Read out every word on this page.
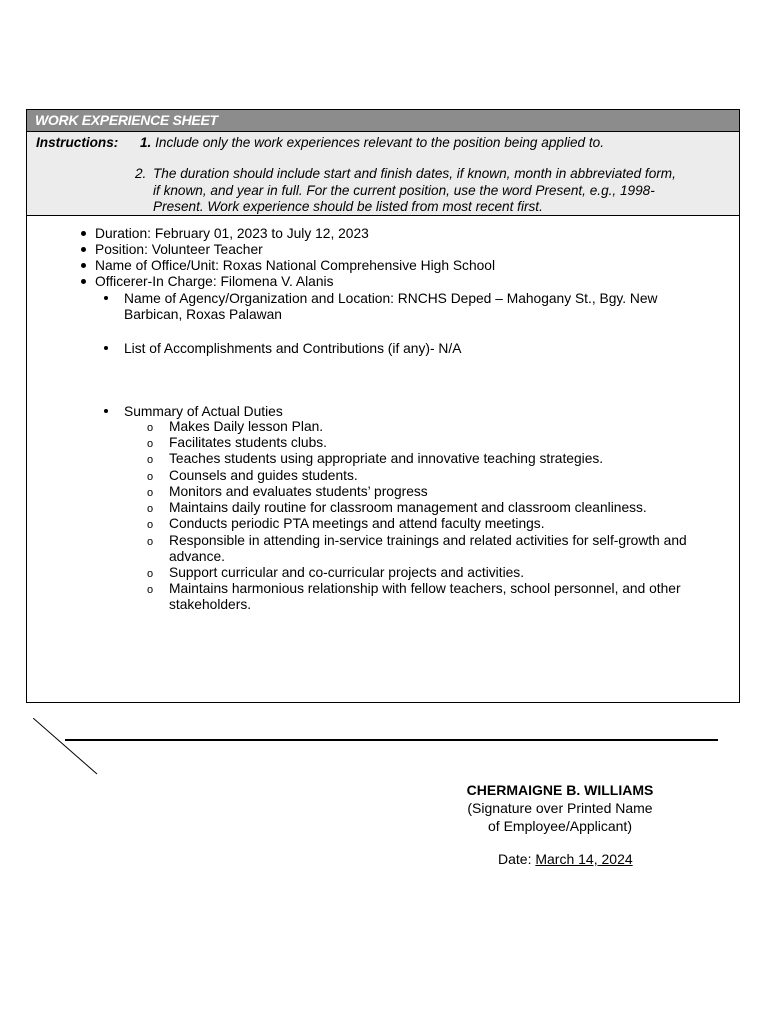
WORK EXPERIENCE SHEET
Instructions: 1. Include only the work experiences relevant to the position being applied to.
2. The duration should include start and finish dates, if known, month in abbreviated form,
if known, and year in full. For the current position, use the word Present, e.g., 1998-
Present. Work experience should be listed from most recent first.
Duration: February 01, 2023 to July 12, 2023
Position: Volunteer Teacher
Name of Office/Unit: Roxas National Comprehensive High School
Officerer-In Charge: Filomena V. Alanis
Name of Agency/Organization and Location: RNCHS Deped – Mahogany St., Bgy. New
Barbican, Roxas Palawan
List of Accomplishments and Contributions (if any)- N/A
Summary of Actual Duties
o Makes Daily lesson Plan.
o Facilitates students clubs.
o Teaches students using appropriate and innovative teaching strategies.
o Counsels and guides students.
o Monitors and evaluates students’ progress
o Maintains daily routine for classroom management and classroom cleanliness.
o Conducts periodic PTA meetings and attend faculty meetings.
o Responsible in attending in-service trainings and related activities for self-growth and
advance.
o Support curricular and co-curricular projects and activities.
o Maintains harmonious relationship with fellow teachers, school personnel, and other
stakeholders.
CHERMAIGNE B. WILLIAMS
(Signature over Printed Name
of Employee/Applicant)
Date: March 14, 2024
